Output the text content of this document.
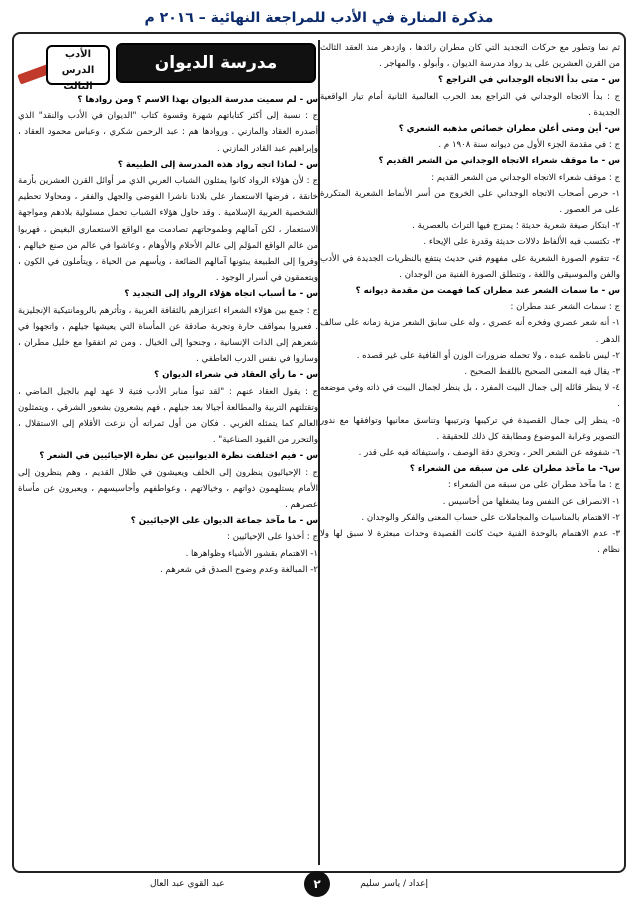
مذكرة المنارة في الأدب للمراجعة النهائية – ٢٠١٦ م
مدرسة الديوان
الأدب
الدرس الثالث

ثم نما وتطور مع حركات التجديد التي كان مطران رائدها ، وازدهر منذ العقد الثالث من القرن العشرين على يد رواد مدرسة الديوان ، وأبولو ، والمهاجر .

س - متى بدأ الاتجاه الوجداني في التراجع ؟

ج : بدأ الاتجاه الوجداني في التراجع بعد الحرب العالمية الثانية أمام تيار الواقعية الجديدة .

س- أين ومتى أعلن مطران خصائص مذهبه الشعري ؟

ج : في مقدمة الجزء الأول من ديوانه سنة ١٩٠٨ م .

س - ما موقف شعراء الاتجاه الوجداني من الشعر القديم ؟

ج : موقف شعراء الاتجاه الوجداني من الشعر القديم :

١- حرص أصحاب الاتجاه الوجداني على الخروج من أسر الأنماط الشعرية المتكررة على مر العصور .

٢- ابتكار صيغة شعرية حديثة ؛ يمتزج فيها التراث بالعصرية .

٣- تكتسب فيه الألفاظ دلالات حديثة وقدرة على الإيحاء .

٤- تتقوم الصورة الشعرية على مفهوم فني حديث ينتفع بالنظريات الجديدة في الأدب والفن والموسيقى واللغة ، وتنطلق الصورة الفنية من الوجدان .

س - ما سمات الشعر عند مطران كما فهمت من مقدمة ديوانه ؟

ج : سمات الشعر عند مطران :

١- أنه شعر عصري وفخره أنه عصري ، وله على سابق الشعر مزية زمانه على سالف الدهر .

٢- ليس ناظمه عبده ، ولا تحمله ضرورات الوزن أو القافية على غير قصده .

٣- يقال فيه المعنى الصحيح باللفظ الصحيح .

٤- لا ينظر قائله إلى جمال البيت المفرد ، بل ينظر لجمال البيت في ذاته وفي موضعه .

٥- ينظر إلى جمال القصيدة في تركيبها وترتيبها وتناسق معانيها وتوافقها مع ندور التصوير وغرابة الموضوع ومطابقة كل ذلك للحقيقة .

٦- شفوفه عن الشعر الحر ، وتحري دقة الوصف ، واستيفائه فيه على قدر .

س٦- ما مآخذ مطران على من سبقه من الشعراء ؟

ج : ما مآخذ مطران على من سبقه من الشعراء :

١- الانصراف عن النفس وما يشغلها من أحاسيس .

٢- الاهتمام بالمناسبات والمجاملات على حساب المعنى والفكر والوجدان .

٣- عدم الاهتمام بالوحدة الفنية حيث كانت القصيدة وحدات مبعثرة لا سبق لها ولا نظام .

س - لم سميت مدرسة الديوان بهذا الاسم ؟ ومن روادها ؟

ج : نسبة إلى أكثر كتاباتهم شهرة وقسوة كتاب "الديوان في الأدب والنقد" الذي أصدره العقاد والمازني . وروادها هم : عبد الرحمن شكري ، وعباس محمود العقاد ، وإبراهيم عبد القادر المازني .

س - لماذا اتجه رواد هذه المدرسة إلى الطبيعة ؟

ج : لأن هؤلاء الرواد كانوا يمثلون الشباب العربي الذي مر أوائل القرن العشرين بأزمة خانقة ، فرضها الاستعمار على بلادنا ناشرا الفوضى والجهل والفقر ، ومحاولا تحطيم الشخصية العربية الإسلامية . وقد حاول هؤلاء الشباب تحمل مسئولية بلادهم ومواجهة الاستعمار ، لكن آمالهم وطموحاتهم تصادمت مع الواقع الاستعماري البغيض ، فهربوا من عالم الواقع المؤلم إلى عالم الأحلام والأوهام ، وعاشوا في عالم من صنع خيالهم ، وفروا إلى الطبيعة يبثونها آمالهم الضائعة ، ويأسهم من الحياة ، ويتأملون في الكون ، ويتعمقون في أسرار الوجود .

س - ما أسباب اتجاه هؤلاء الرواد إلى التجديد ؟

ج : جمع بين هؤلاء الشعراء اعتزازهم بالثقافة العربية ، وتأثرهم بالرومانتيكية الإنجليزية . فعبروا بمواقف حارة وتجربة صادقة عن المأساة التي يعيشها جيلهم ، واتجهوا في شعرهم إلى الذات الإنسانية ، وجنحوا إلى الخيال . ومن ثم اتفقوا مع خليل مطران ، وساروا في نفس الدرب العاطفي .

س - ما رأي العقاد في شعراء الديوان ؟

ج : يقول العقاد عنهم : "لقد تبوأ منابر الأدب فتية لا عهد لهم بالجيل الماضي ، وتقتلتهم التربية والمطالعة أجيالا بعد جيلهم ، فهم يشعرون بشعور الشرقي ، ويتمثلون العالم كما يتمثله الغربي . فكان من أول ثمراته أن نزعت الأقلام إلى الاستقلال ، والتحرر من القيود الصناعية" .

س - فيم اختلفت نظرة الديوانيين عن نظرة الإحيائيين في الشعر ؟

ج : الإحيائيون ينظرون إلى الخلف ويعيشون في ظلال القديم ، وهم ينظرون إلى الأمام يستلهمون ذواتهم ، وخيالاتهم ، وعواطفهم وأحاسيسهم ، ويعبرون عن مأساة عصرهم .

س - ما مآخذ جماعة الديوان على الإحيائيين ؟

ج : أخذوا على الإحيائيين :

١- الاهتمام بقشور الأشياء وظواهرها .

٢- المبالغة وعدم وضوح الصدق في شعرهم .

إعداد / ياسر سليم
٢
عبد القوي عبد العال
